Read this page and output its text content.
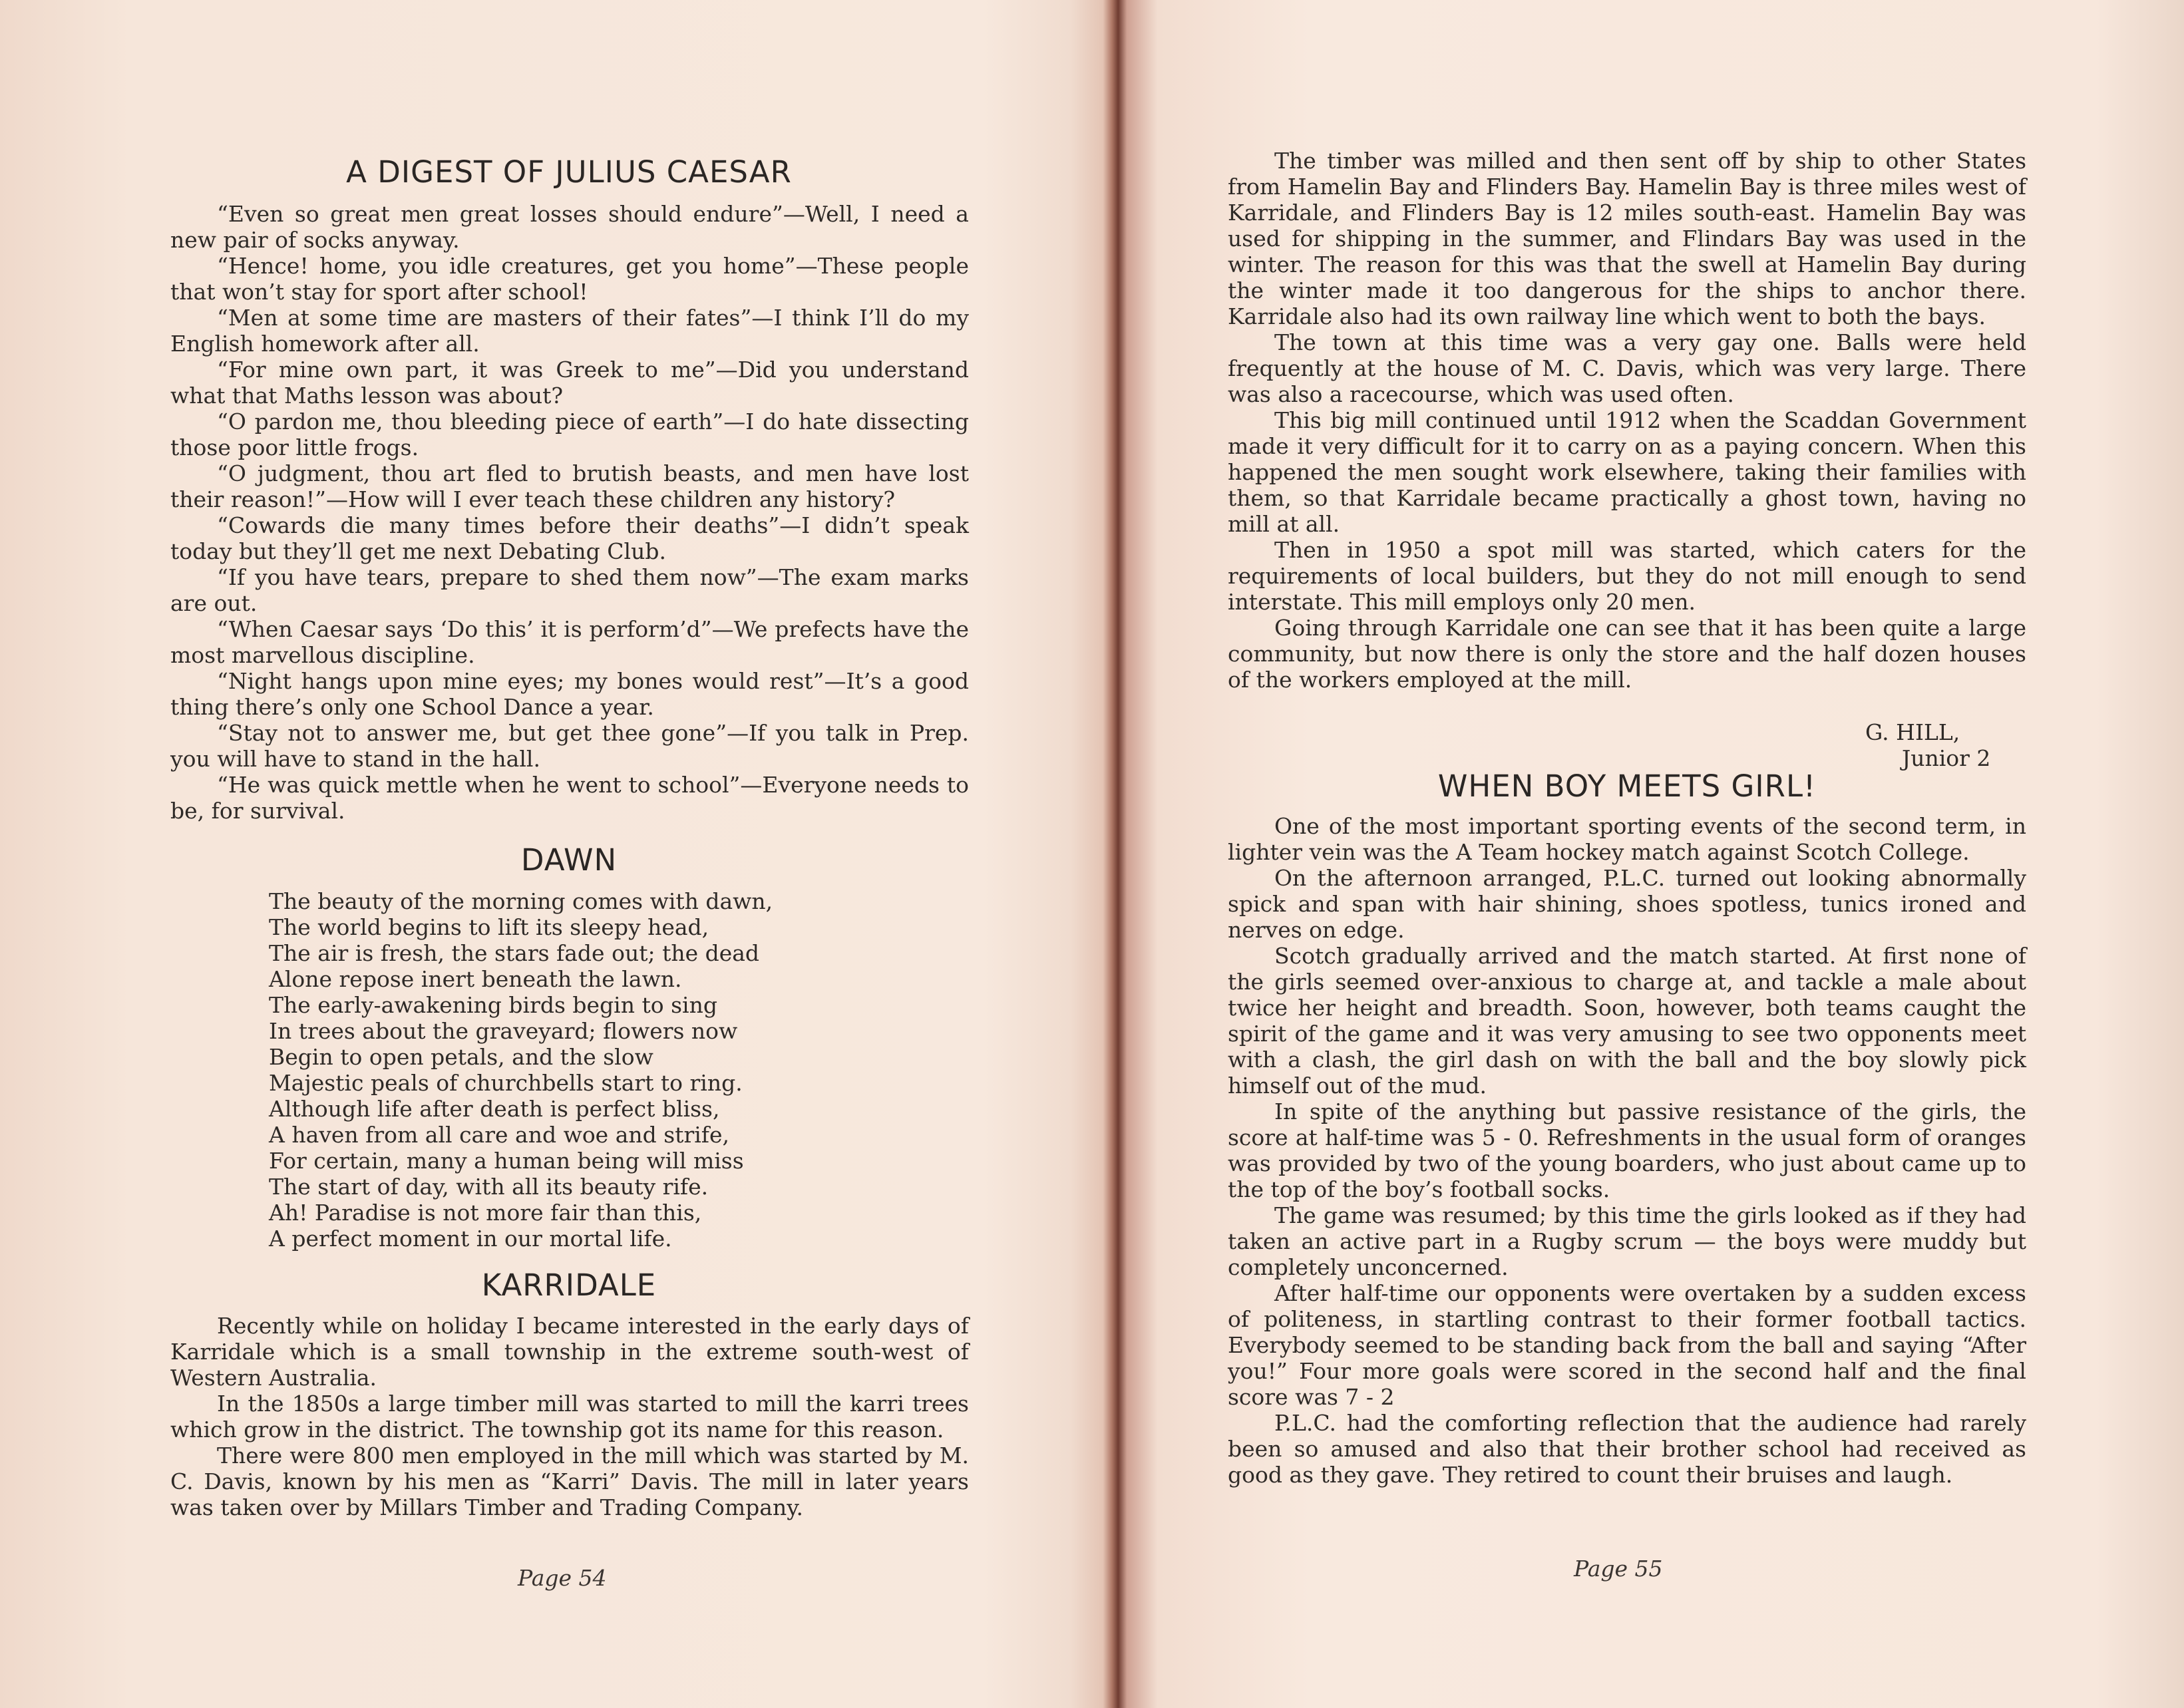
A DIGEST OF JULIUS CAESAR

“Even so great men great losses should endure”—Well, I need a new pair of socks anyway.

“Hence! home, you idle creatures, get you home”—These people that won’t stay for sport after school!

“Men at some time are masters of their fates”—I think I’ll do my English homework after all.

“For mine own part, it was Greek to me”—Did you understand what that Maths lesson was about?

“O pardon me, thou bleeding piece of earth”—I do hate dissecting those poor little frogs.

“O judgment, thou art fled to brutish beasts, and men have lost their reason!”—How will I ever teach these children any history?

“Cowards die many times before their deaths”—I didn’t speak today but they’ll get me next Debating Club.

“If you have tears, prepare to shed them now”—The exam marks are out.

“When Caesar says ‘Do this’ it is perform’d”—We prefects have the most marvellous discipline.

“Night hangs upon mine eyes; my bones would rest”—It’s a good thing there’s only one School Dance a year.

“Stay not to answer me, but get thee gone”—If you talk in Prep. you will have to stand in the hall.

“He was quick mettle when he went to school”—Everyone needs to be, for survival.

DAWN
The beauty of the morning comes with dawn,
The world begins to lift its sleepy head,
The air is fresh, the stars fade out; the dead
Alone repose inert beneath the lawn.
The early-awakening birds begin to sing
In trees about the graveyard; flowers now
Begin to open petals, and the slow
Majestic peals of churchbells start to ring.
Although life after death is perfect bliss,
A haven from all care and woe and strife,
For certain, many a human being will miss
The start of day, with all its beauty rife.
Ah! Paradise is not more fair than this,
A perfect moment in our mortal life.
KARRIDALE

Recently while on holiday I became interested in the early days of Karridale which is a small township in the extreme south-west of Western Australia.

In the 1850s a large timber mill was started to mill the karri trees which grow in the district. The township got its name for this reason.

There were 800 men employed in the mill which was started by M. C. Davis, known by his men as “Karri” Davis. The mill in later years was taken over by Millars Timber and Trading Company.

Page 54

The timber was milled and then sent off by ship to other States from Hamelin Bay and Flinders Bay. Hamelin Bay is three miles west of Karridale, and Flinders Bay is 12 miles south-east. Hamelin Bay was used for shipping in the summer, and Flindars Bay was used in the winter. The reason for this was that the swell at Hamelin Bay during the winter made it too dangerous for the ships to anchor there. Karridale also had its own railway line which went to both the bays.

The town at this time was a very gay one. Balls were held frequently at the house of M. C. Davis, which was very large. There was also a racecourse, which was used often.

This big mill continued until 1912 when the Scaddan Government made it very difficult for it to carry on as a paying concern. When this happened the men sought work elsewhere, taking their families with them, so that Karridale became practically a ghost town, having no mill at all.

Then in 1950 a spot mill was started, which caters for the requirements of local builders, but they do not mill enough to send interstate. This mill employs only 20 men.

Going through Karridale one can see that it has been quite a large community, but now there is only the store and the half dozen houses of the workers employed at the mill.

G. HILL,
Junior 2
WHEN BOY MEETS GIRL!

One of the most important sporting events of the second term, in lighter vein was the A Team hockey match against Scotch College.

On the afternoon arranged, P.L.C. turned out looking abnormally spick and span with hair shining, shoes spotless, tunics ironed and nerves on edge.

Scotch gradually arrived and the match started. At first none of the girls seemed over-anxious to charge at, and tackle a male about twice her height and breadth. Soon, however, both teams caught the spirit of the game and it was very amusing to see two opponents meet with a clash, the girl dash on with the ball and the boy slowly pick himself out of the mud.

In spite of the anything but passive resistance of the girls, the score at half-time was 5 - 0. Refreshments in the usual form of oranges was provided by two of the young boarders, who just about came up to the top of the boy’s football socks.

The game was resumed; by this time the girls looked as if they had taken an active part in a Rugby scrum — the boys were muddy but completely unconcerned.

After half-time our opponents were overtaken by a sudden excess of politeness, in startling contrast to their former football tactics. Everybody seemed to be standing back from the ball and saying “After you!” Four more goals were scored in the second half and the final score was 7 - 2

P.L.C. had the comforting reflection that the audience had rarely been so amused and also that their brother school had received as good as they gave. They retired to count their bruises and laugh.

Page 55
